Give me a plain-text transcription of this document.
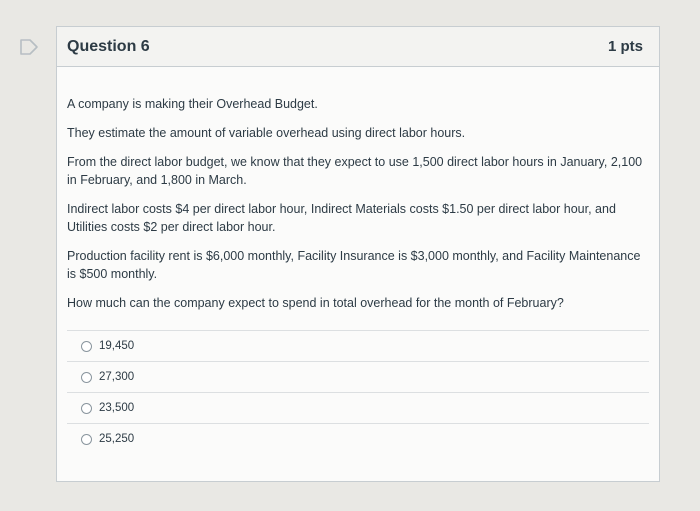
Question 6	1 pts

A company is making their Overhead Budget.

They estimate the amount of variable overhead using direct labor hours.

From the direct labor budget, we know that they expect to use 1,500 direct labor hours in January, 2,100 in February, and 1,800 in March.

Indirect labor costs $4 per direct labor hour, Indirect Materials costs $1.50 per direct labor hour, and Utilities costs $2 per direct labor hour.

Production facility rent is $6,000 monthly, Facility Insurance is $3,000 monthly, and Facility Maintenance is $500 monthly.

How much can the company expect to spend in total overhead for the month of February?

19,450
27,300
23,500
25,250
